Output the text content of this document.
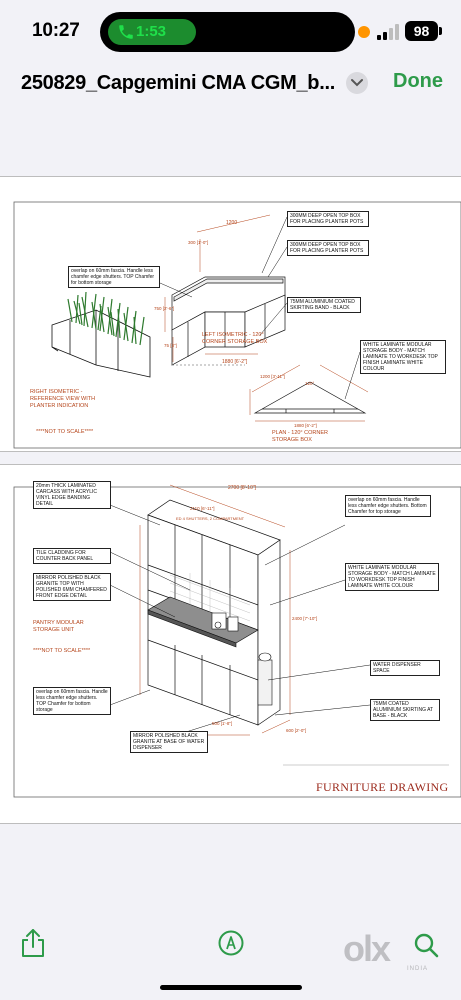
10:27	1:53	98
250829_Capgemini CMA CGM_b...	Done
300MM DEEP OPEN TOP BOX FOR PLACING PLANTER POTS
300MM DEEP OPEN TOP BOX FOR PLACING PLANTER POTS
overlap on 60mm fascia. Handle less chamfer edge shutters. TOP Chamfer for bottom storage
75MM ALUMINIUM COATED SKIRTING BAND - BLACK
WHITE LAMINATE MODULAR STORAGE BODY - MATCH LAMINATE TO WORKDESK TOP FINISH LAMINATE WHITE COLOUR
LEFT ISOMETRIC - 120° CORNER STORAGE BOX
RIGHT ISOMETRIC - REFERENCE VIEW WITH PLANTER INDICATION
PLAN - 120° CORNER STORAGE BOX
****NOT TO SCALE****
1200
1880 [6'-2"]
750 [2'-6"]
300 [1'-0"]
75 [3"]
1200 [3'-11"]
1880 [6'-2"]
120°
20mm THICK LAMINATED CARCASS WITH ACRYLIC VINYL EDGE BANDING DETAIL
TILE CLADDING FOR COUNTER BACK PANEL
MIRROR POLISHED BLACK GRANITE TOP WITH POLISHED 6MM CHAMFERED FRONT EDGE DETAIL
PANTRY MODULAR STORAGE UNIT
****NOT TO SCALE****
overlap on 60mm fascia. Handle less chamfer edge shutters. TOP Chamfer for bottom storage
MIRROR POLISHED BLACK GRANITE AT BASE OF WATER DISPENSER
overlap on 60mm fascia. Handle less chamfer edge shutters. Bottom Chamfer for top storage
WHITE LAMINATE MODULAR STORAGE BODY - MATCH LAMINATE TO WORKDESK TOP FINISH LAMINATE WHITE COLOUR
WATER DISPENSER SPACE
75MM COATED ALUMINIUM SKIRTING AT BASE - BLACK
2700 [8'-10"]
2110 [6'-11"]
ED 4 SHUTTERS, 2 COMPARTMENT
2400 [7'-10"]
600 [2'-0"]
500 [1'-8"]
FURNITURE DRAWING
olx	INDIA
